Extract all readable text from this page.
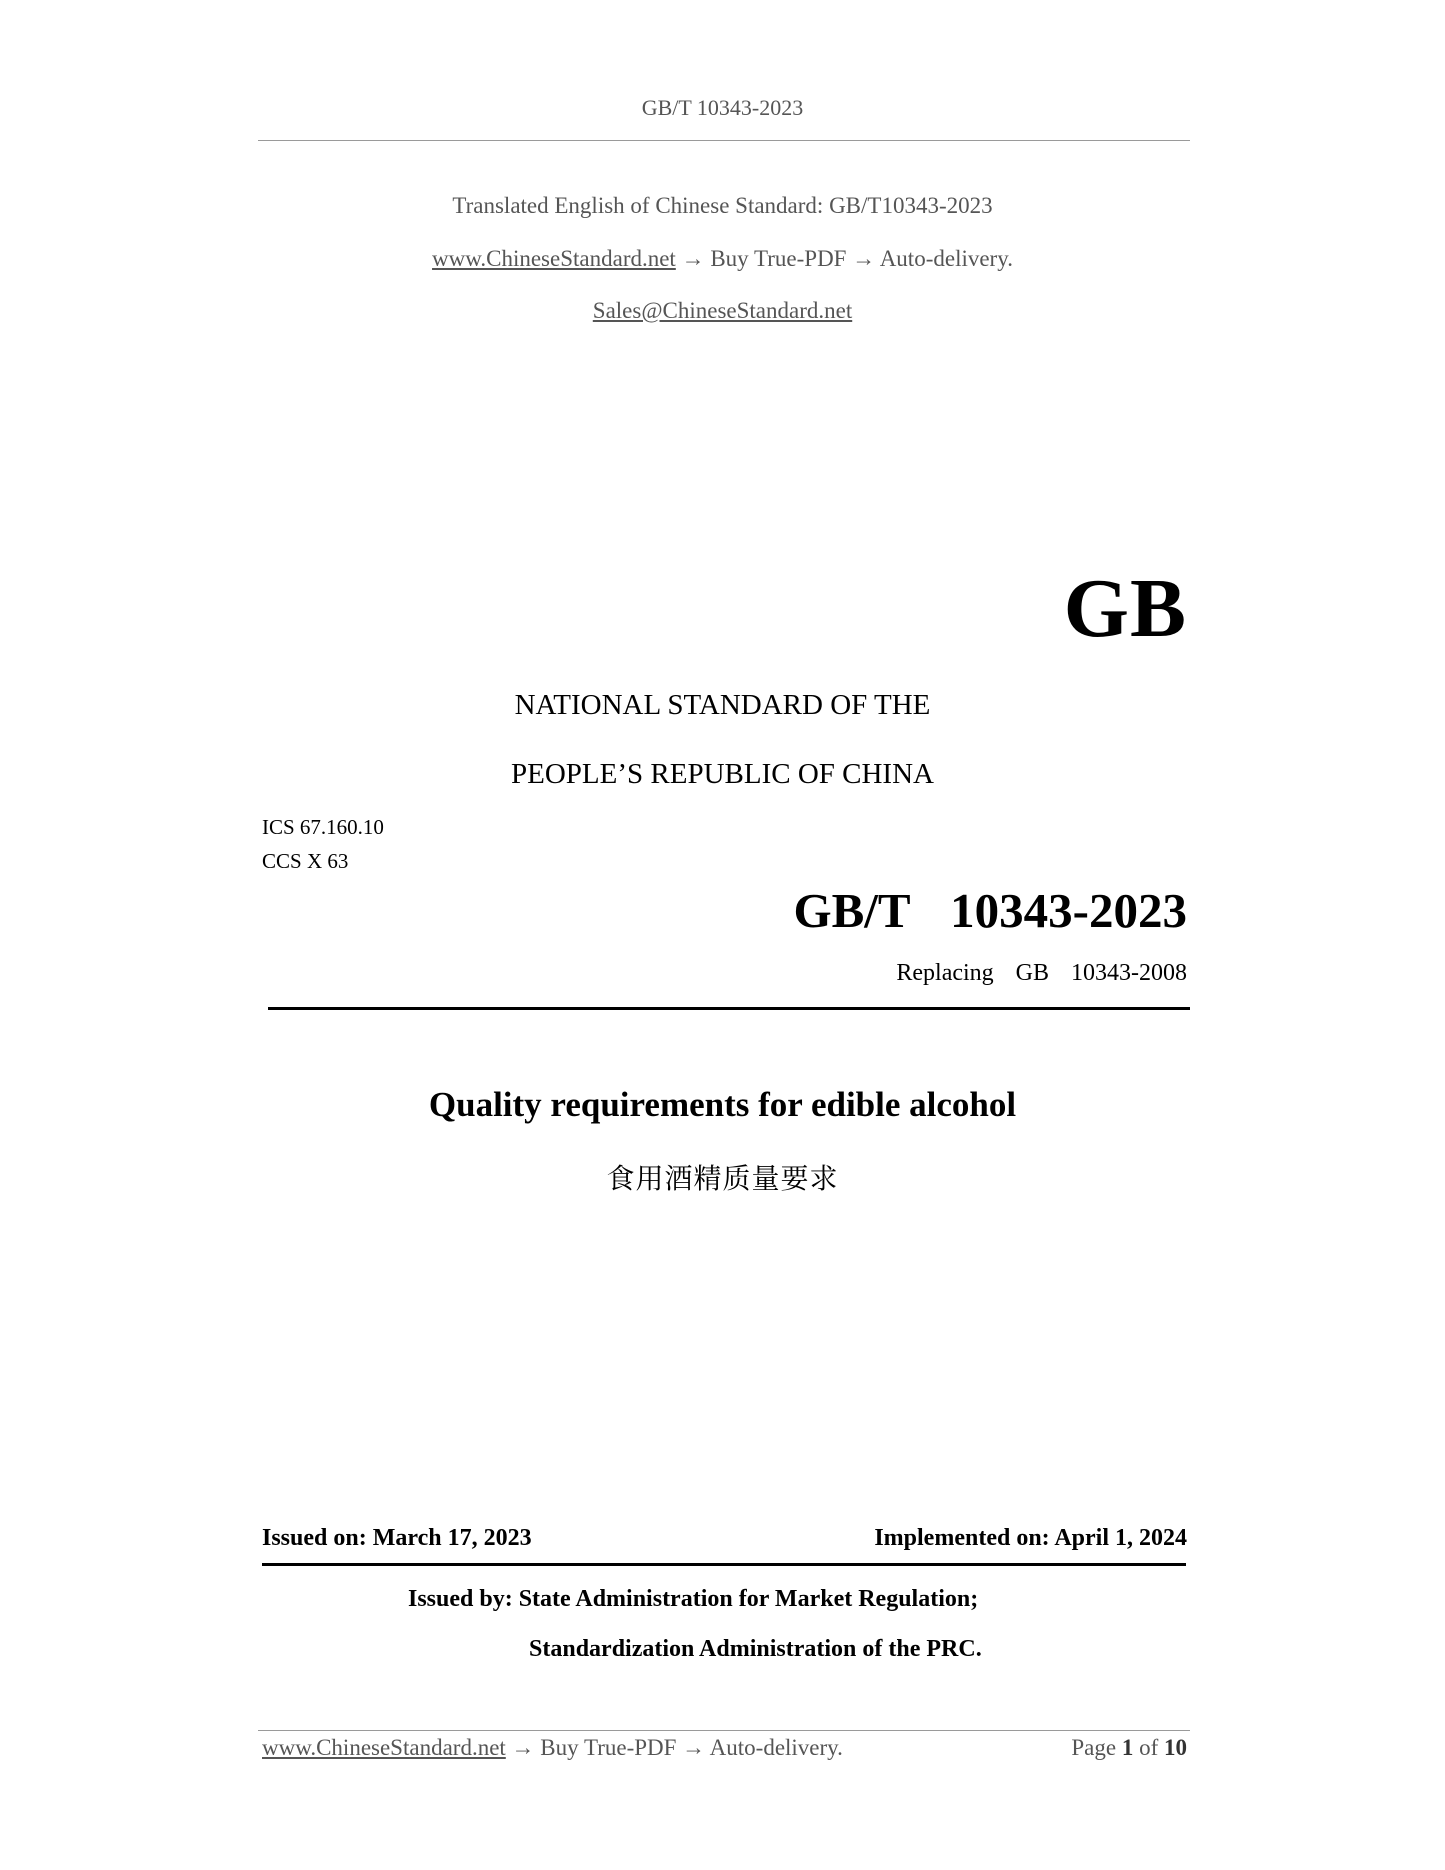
GB/T 10343-2023
Translated English of Chinese Standard: GB/T10343-2023
www.ChineseStandard.net → Buy True-PDF → Auto-delivery.
Sales@ChineseStandard.net
GB
NATIONAL STANDARD OF THE
PEOPLE’S REPUBLIC OF CHINA
ICS 67.160.10
CCS X 63
GB/T  10343-2023
Replacing  GB  10343-2008
Quality requirements for edible alcohol
食用酒精质量要求
Issued on: March 17, 2023	Implemented on: April 1, 2024
Issued by: State Administration for Market Regulation;
Standardization Administration of the PRC.
www.ChineseStandard.net → Buy True-PDF → Auto-delivery.	Page 1 of 10
